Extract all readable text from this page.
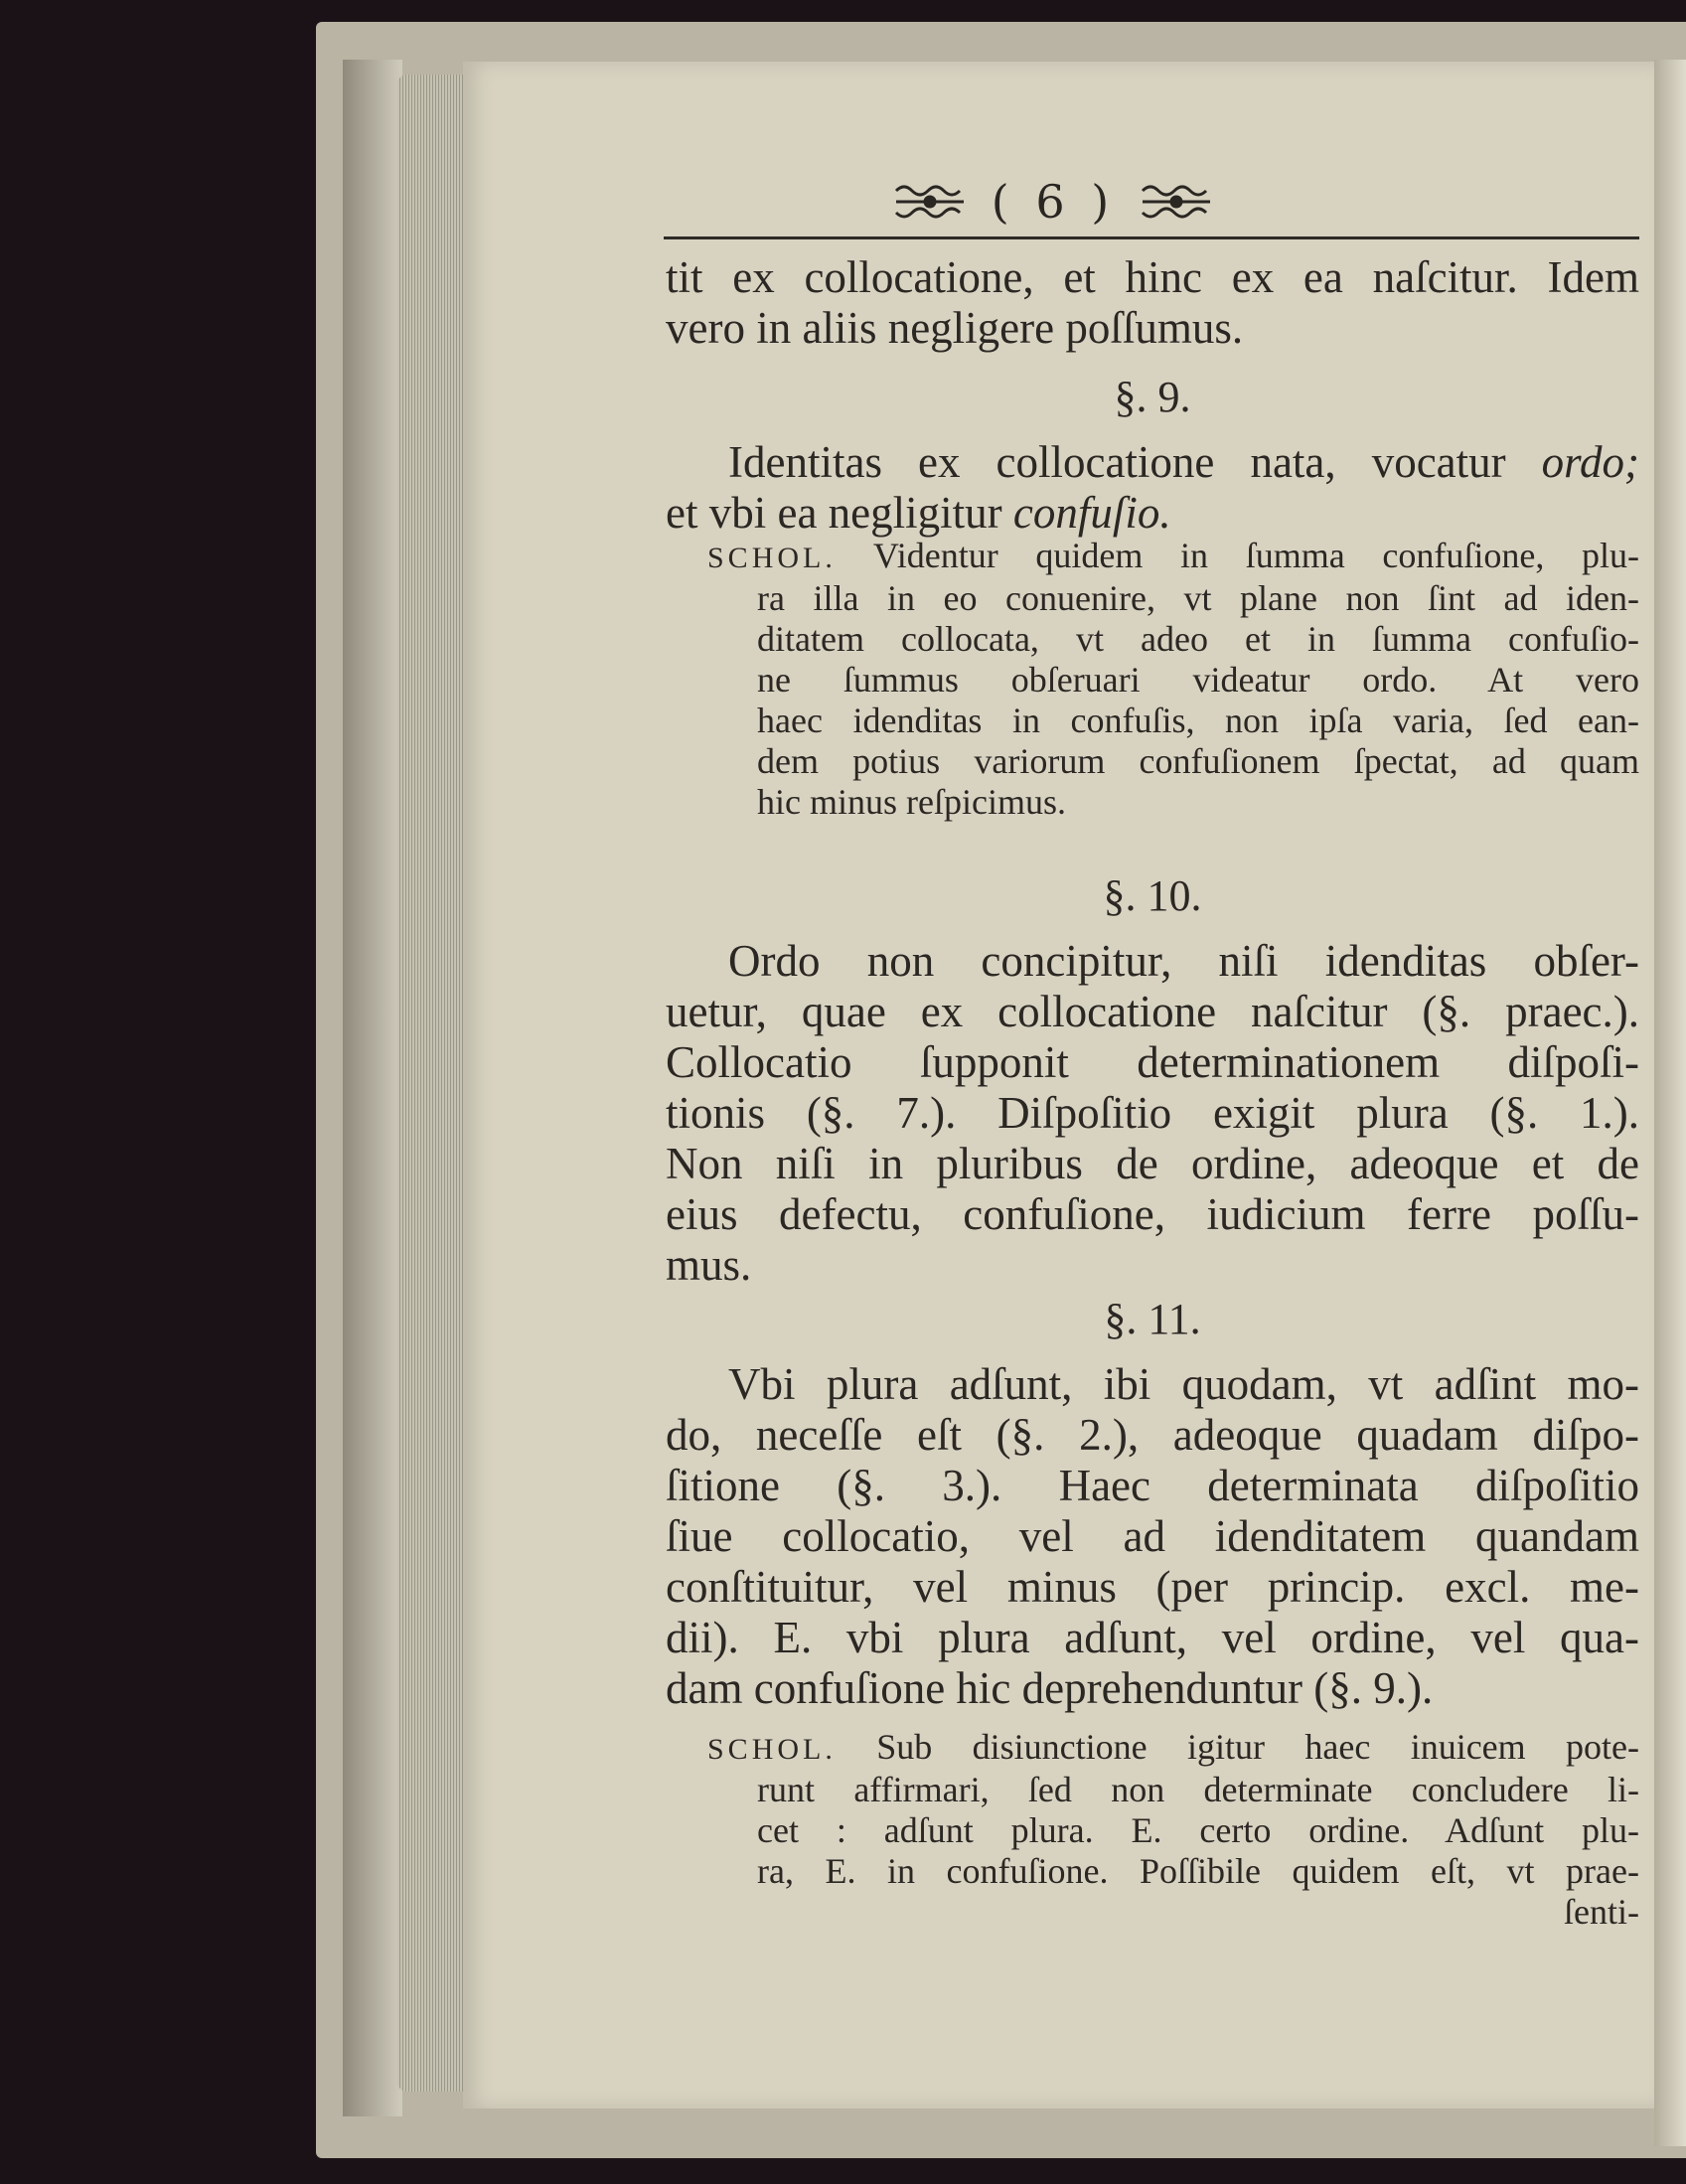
( 6 )
tit ex collocatione, et hinc ex ea naſcitur. Idem
vero in aliis negligere poſſumus.
§. 9.
Identitas ex collocatione nata, vocatur ordo;
et vbi ea negligitur confuſio.
SCHOL. Videntur quidem in ſumma confuſione, plu-
ra illa in eo conuenire, vt plane non ſint ad iden-
ditatem collocata, vt adeo et in ſumma confuſio-
ne ſummus obſeruari videatur ordo. At vero
haec idenditas in confuſis, non ipſa varia, ſed ean-
dem potius variorum confuſionem ſpectat, ad quam
hic minus reſpicimus.
§. 10.
Ordo non concipitur, niſi idenditas obſer-
uetur, quae ex collocatione naſcitur (§. praec.).
Collocatio ſupponit determinationem diſpoſi-
tionis (§. 7.). Diſpoſitio exigit plura (§. 1.).
Non niſi in pluribus de ordine, adeoque et de
eius defectu, confuſione, iudicium ferre poſſu-
mus.
§. 11.
Vbi plura adſunt, ibi quodam, vt adſint mo-
do, neceſſe eſt (§. 2.), adeoque quadam diſpo-
ſitione (§. 3.). Haec determinata diſpoſitio
ſiue collocatio, vel ad idenditatem quandam
conſtituitur, vel minus (per princip. excl. me-
dii). E. vbi plura adſunt, vel ordine, vel qua-
dam confuſione hic deprehenduntur (§. 9.).
SCHOL. Sub disiunctione igitur haec inuicem pote-
runt affirmari, ſed non determinate concludere li-
cet : adſunt plura. E. certo ordine. Adſunt plu-
ra, E. in confuſione. Poſſibile quidem eſt, vt prae-
ſenti-
